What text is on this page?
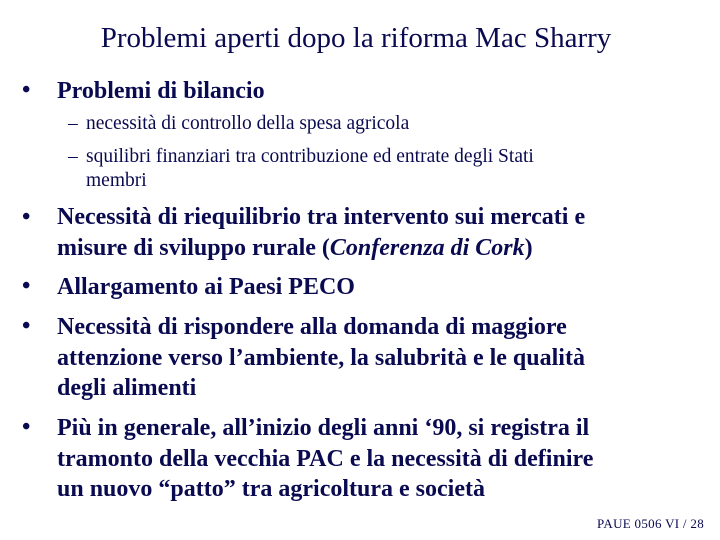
Problemi aperti dopo la riforma Mac Sharry
• Problemi di bilancio
– necessità di controllo della spesa agricola
– squilibri finanziari tra contribuzione ed entrate degli Stati
membri
• Necessità di riequilibrio tra intervento sui mercati e
misure di sviluppo rurale (Conferenza di Cork)
• Allargamento ai Paesi PECO
• Necessità di rispondere alla domanda di maggiore
attenzione verso l’ambiente, la salubrità e le qualità
degli alimenti
• Più in generale, all’inizio degli anni ‘90, si registra il
tramonto della vecchia PAC e la necessità di definire
un nuovo “patto” tra agricoltura e società
PAUE 0506 VI / 28
